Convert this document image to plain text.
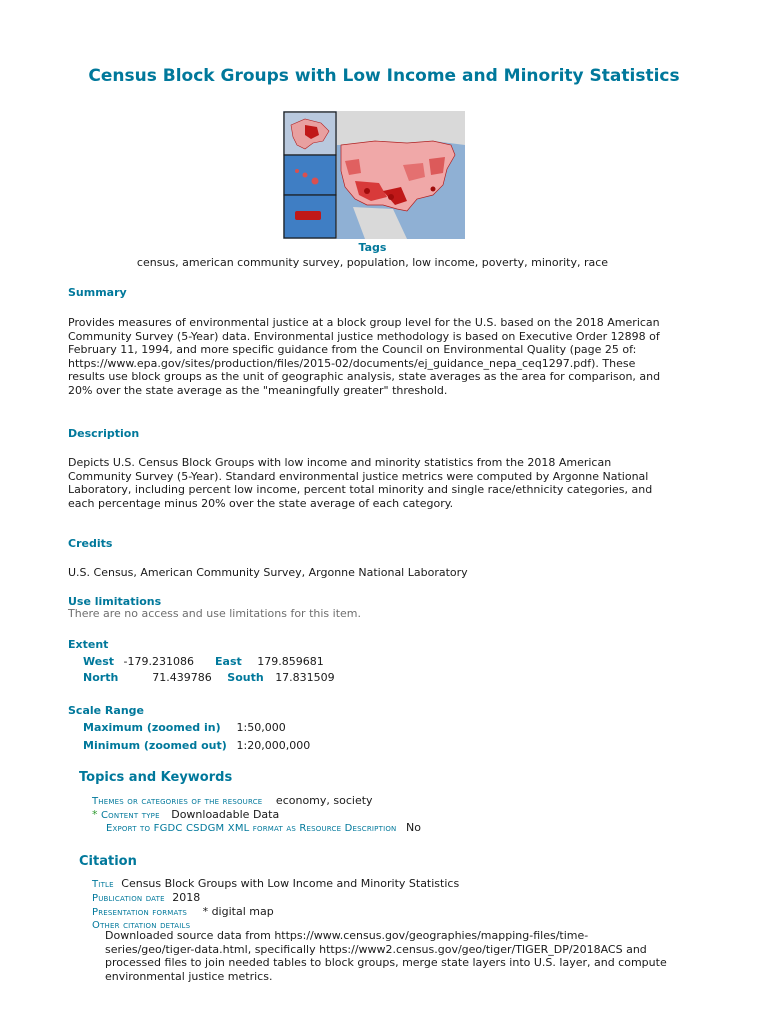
Census Block Groups with Low Income and Minority Statistics
Tags
census, american community survey, population, low income, poverty, minority, race
Summary
Provides measures of environmental justice at a block group level for the U.S. based on the 2018 American Community Survey (5-Year) data. Environmental justice methodology is based on Executive Order 12898 of February 11, 1994, and more specific guidance from the Council on Environmental Quality (page 25 of: https://www.epa.gov/sites/production/files/2015-02/documents/ej_guidance_nepa_ceq1297.pdf). These results use block groups as the unit of geographic analysis, state averages as the area for comparison, and 20% over the state average as the "meaningfully greater" threshold.
Description
Depicts U.S. Census Block Groups with low income and minority statistics from the 2018 American Community Survey (5-Year). Standard environmental justice metrics were computed by Argonne National Laboratory, including percent low income, percent total minority and single race/ethnicity categories, and each percentage minus 20% over the state average of each category.
Credits
U.S. Census, American Community Survey, Argonne National Laboratory
Use limitations
There are no access and use limitations for this item.
Extent
West -179.231086 East 179.859681
North	71.439786 South 17.831509
Scale Range
Maximum (zoomed in) 1:50,000
Minimum (zoomed out) 1:20,000,000
Topics and Keywords
Themes or categories of the resource economy, society
* Content type Downloadable Data
Export to FGDC CSDGM XML format as Resource Description No
Citation
Title Census Block Groups with Low Income and Minority Statistics
Publication date 2018
Presentation formats * digital map
Other citation details
Downloaded source data from https://www.census.gov/geographies/mapping-files/time-series/geo/tiger-data.html, specifically https://www2.census.gov/geo/tiger/TIGER_DP/2018ACS and processed files to join needed tables to block groups, merge state layers into U.S. layer, and compute environmental justice metrics.
